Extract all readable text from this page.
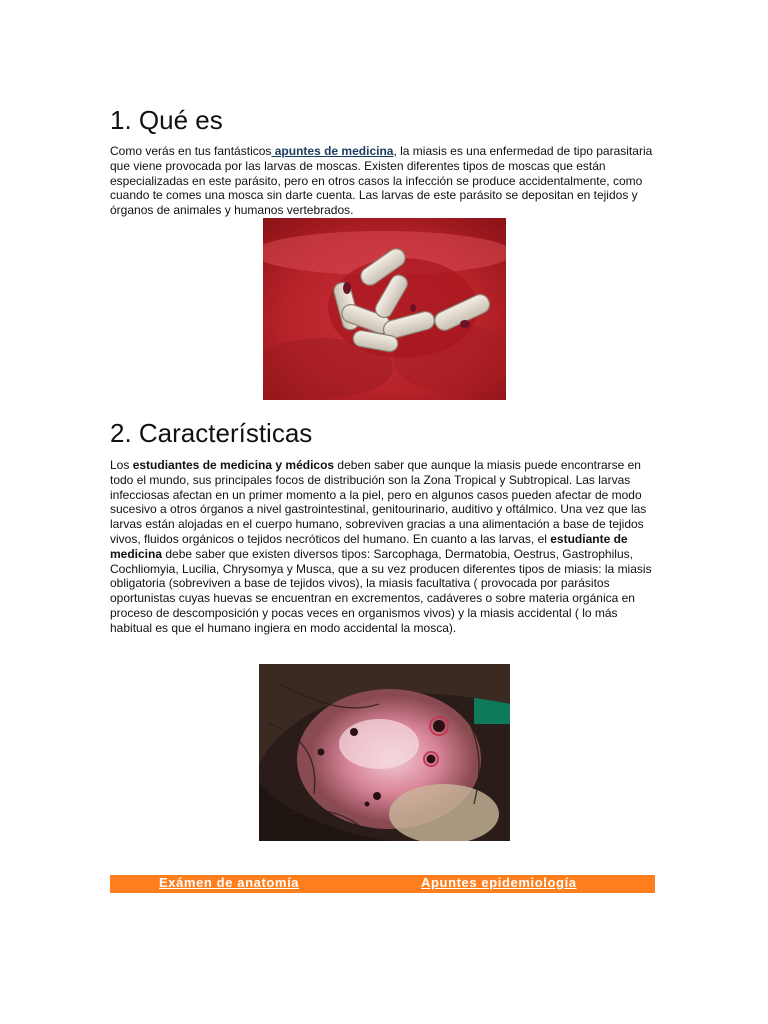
1. Qué es

Como verás en tus fantásticos apuntes de medicina, la miasis es una enfermedad de tipo parasitaria que viene provocada por las larvas de moscas. Existen diferentes tipos de moscas que están especializadas en este parásito, pero en otros casos la infección se produce accidentalmente, como cuando te comes una mosca sin darte cuenta. Las larvas de este parásito se depositan en tejidos y órganos de animales y humanos vertebrados.

2. Características

Los estudiantes de medicina y médicos deben saber que aunque la miasis puede encontrarse en todo el mundo, sus principales focos de distribución son la Zona Tropical y Subtropical. Las larvas infecciosas afectan en un primer momento a la piel, pero en algunos casos pueden afectar de modo sucesivo a otros órganos a nivel gastrointestinal, genitourinario, auditivo y oftálmico. Una vez que las larvas están alojadas en el cuerpo humano, sobreviven gracias a una alimentación a base de tejidos vivos, fluidos orgánicos o tejidos necróticos del humano. En cuanto a las larvas, el estudiante de medicina debe saber que existen diversos tipos: Sarcophaga, Dermatobia, Oestrus, Gastrophilus, Cochliomyia, Lucilia, Chrysomya y Musca, que a su vez producen diferentes tipos de miasis: la miasis obligatoria (sobreviven a base de tejidos vivos), la miasis facultativa ( provocada por parásitos oportunistas cuyas huevas se encuentran en excrementos, cadáveres o sobre materia orgánica en proceso de descomposición y pocas veces en organismos vivos) y la miasis accidental ( lo más habitual es que el humano ingiera en modo accidental la mosca).

Exámen de anatomía	Apuntes epidemiología
